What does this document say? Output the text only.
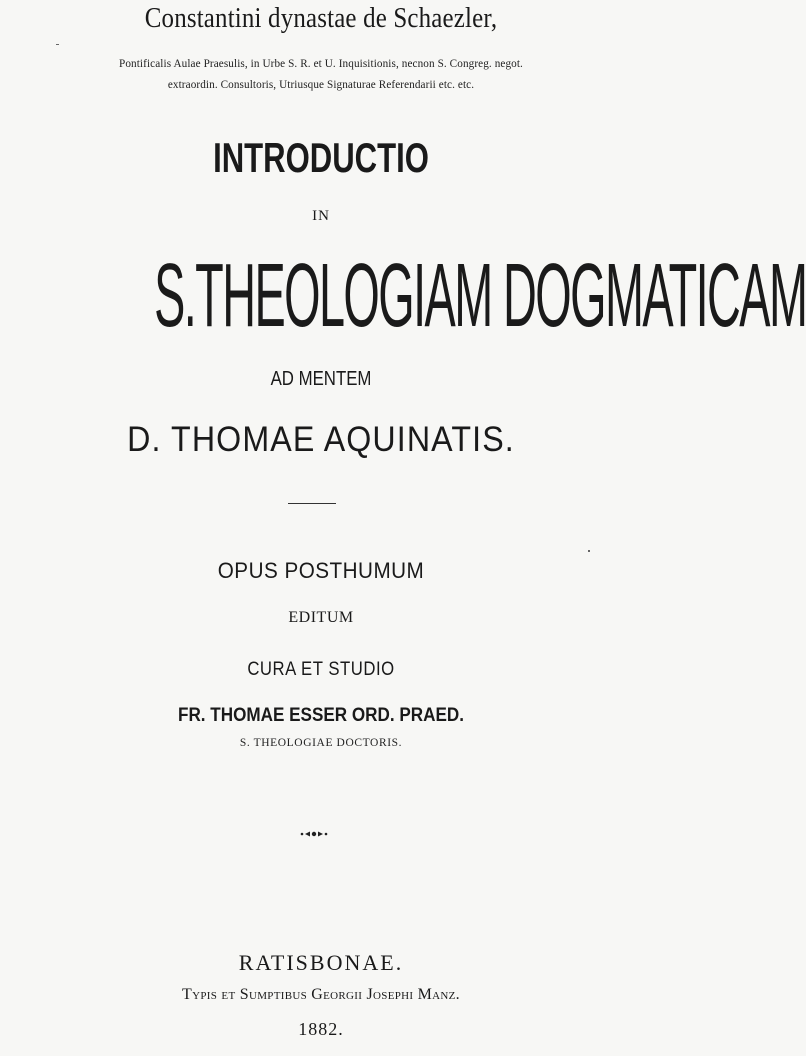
Constantini dynastae de Schaezler,

Pontificalis Aulae Praesulis, in Urbe S. R. et U. Inquisitionis, necnon S. Congreg. negot.

extraordin. Consultoris, Utriusque Signaturae Referendarii etc. etc.

INTRODUCTIO

IN

S.THEOLOGIAM DOGMATICAM

AD MENTEM

D. THOMAE AQUINATIS.

OPUS POSTHUMUM

EDITUM

CURA ET STUDIO

FR. THOMAE ESSER ORD. PRAED.

S. THEOLOGIAE DOCTORIS.

RATISBONAE.

Typis et Sumptibus Georgii Josephi Manz.

1882.
